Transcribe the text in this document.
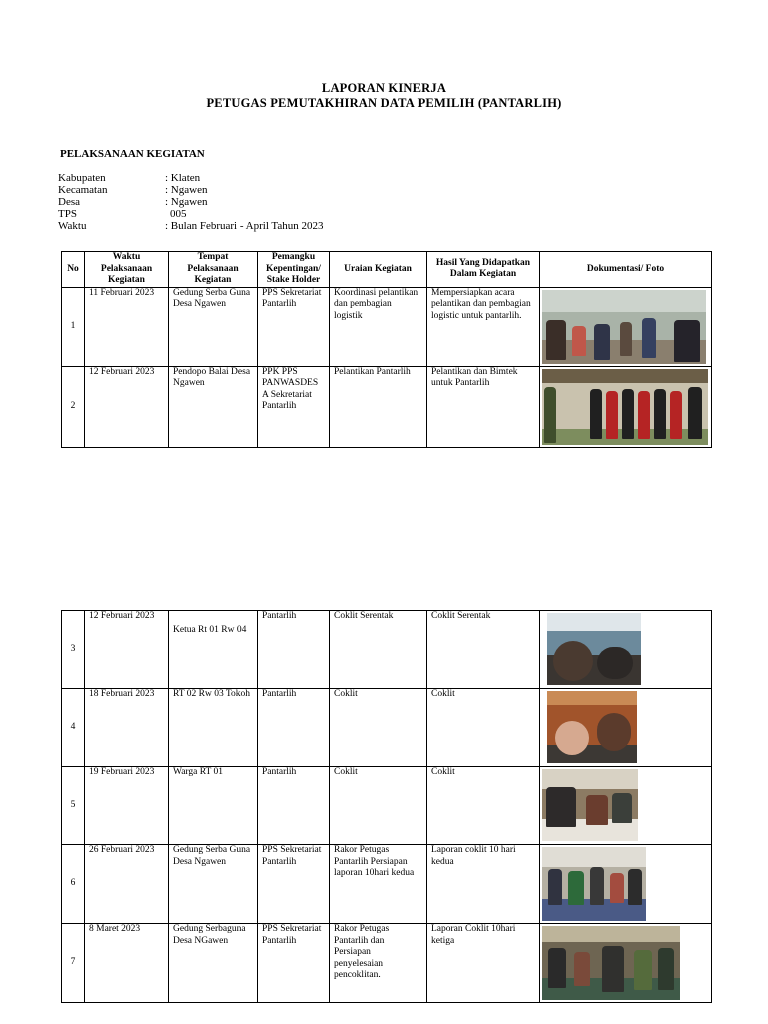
LAPORAN KINERJA
PETUGAS PEMUTAKHIRAN DATA PEMILIH (PANTARLIH)
PELAKSANAAN KEGIATAN
Kabupaten	: Klaten
Kecamatan	: Ngawen
Desa	: Ngawen
TPS	005
Waktu	: Bulan Februari - April Tahun 2023
No	Waktu Pelaksanaan Kegiatan	Tempat Pelaksanaan Kegiatan	Pemangku Kepentingan/ Stake Holder	Uraian Kegiatan	Hasil Yang Didapatkan Dalam Kegiatan	Dokumentasi/ Foto
1	11 Februari 2023	Gedung Serba Guna Desa Ngawen	PPS Sekretariat Pantarlih	Koordinasi pelantikan dan pembagian logistik	Mempersiapkan acara pelantikan dan pembagian logistic untuk pantarlih.	

2	12 Februari 2023	Pendopo Balai Desa Ngawen	PPK PPS PANWASDES A Sekretariat Pantarlih	Pelantikan Pantarlih	Pelantikan dan Bimtek untuk Pantarlih	
3	12 Februari 2023	Ketua Rt 01 Rw 04	Pantarlih	Coklit Serentak	Coklit Serentak	

4	18 Februari 2023	RT 02 Rw 03 Tokoh	Pantarlih	Coklit	Coklit	

5	19 Februari 2023	Warga RT 01	Pantarlih	Coklit	Coklit	

6	26 Februari 2023	Gedung Serba Guna Desa Ngawen	PPS Sekretariat Pantarlih	Rakor Petugas Pantarlih Persiapan laporan 10hari kedua	Laporan coklit 10 hari kedua	

7	8 Maret 2023	Gedung Serbaguna Desa NGawen	PPS Sekretariat Pantarlih	Rakor Petugas Pantarlih dan Persiapan penyelesaian pencoklitan.	Laporan Coklit 10hari ketiga	
